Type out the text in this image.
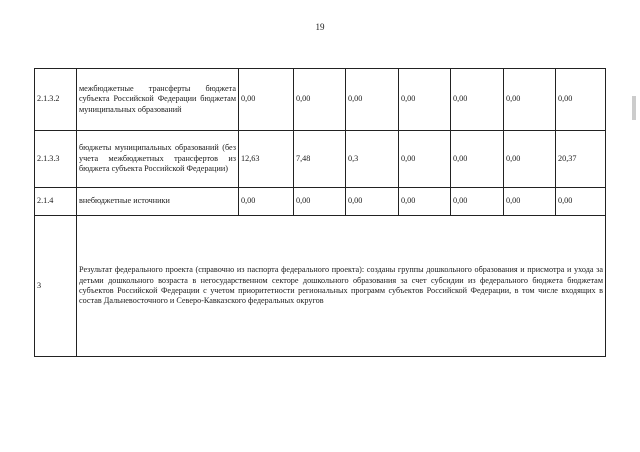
19
2.1.3.2	межбюджетные трансферты бюджета субъекта Российской Федерации бюджетам муниципальных образований	0,00	0,00	0,00	0,00	0,00	0,00	0,00
2.1.3.3	бюджеты муниципальных образований (без учета межбюджетных трансфертов из бюджета субъекта Российской Федерации)	12,63	7,48	0,3	0,00	0,00	0,00	20,37
2.1.4	внебюджетные источники	0,00	0,00	0,00	0,00	0,00	0,00	0,00
3	Результат федерального проекта (справочно из паспорта федерального проекта): созданы группы дошкольного образования и присмотра и ухода за детьми дошкольного возраста в негосударственном секторе дошкольного образования за счет субсидии из федерального бюджета бюджетам субъектов Российской Федерации с учетом приоритетности региональных программ субъектов Российской Федерации, в том числе входящих в состав Дальневосточного и Северо-Кавказского федеральных округов							
